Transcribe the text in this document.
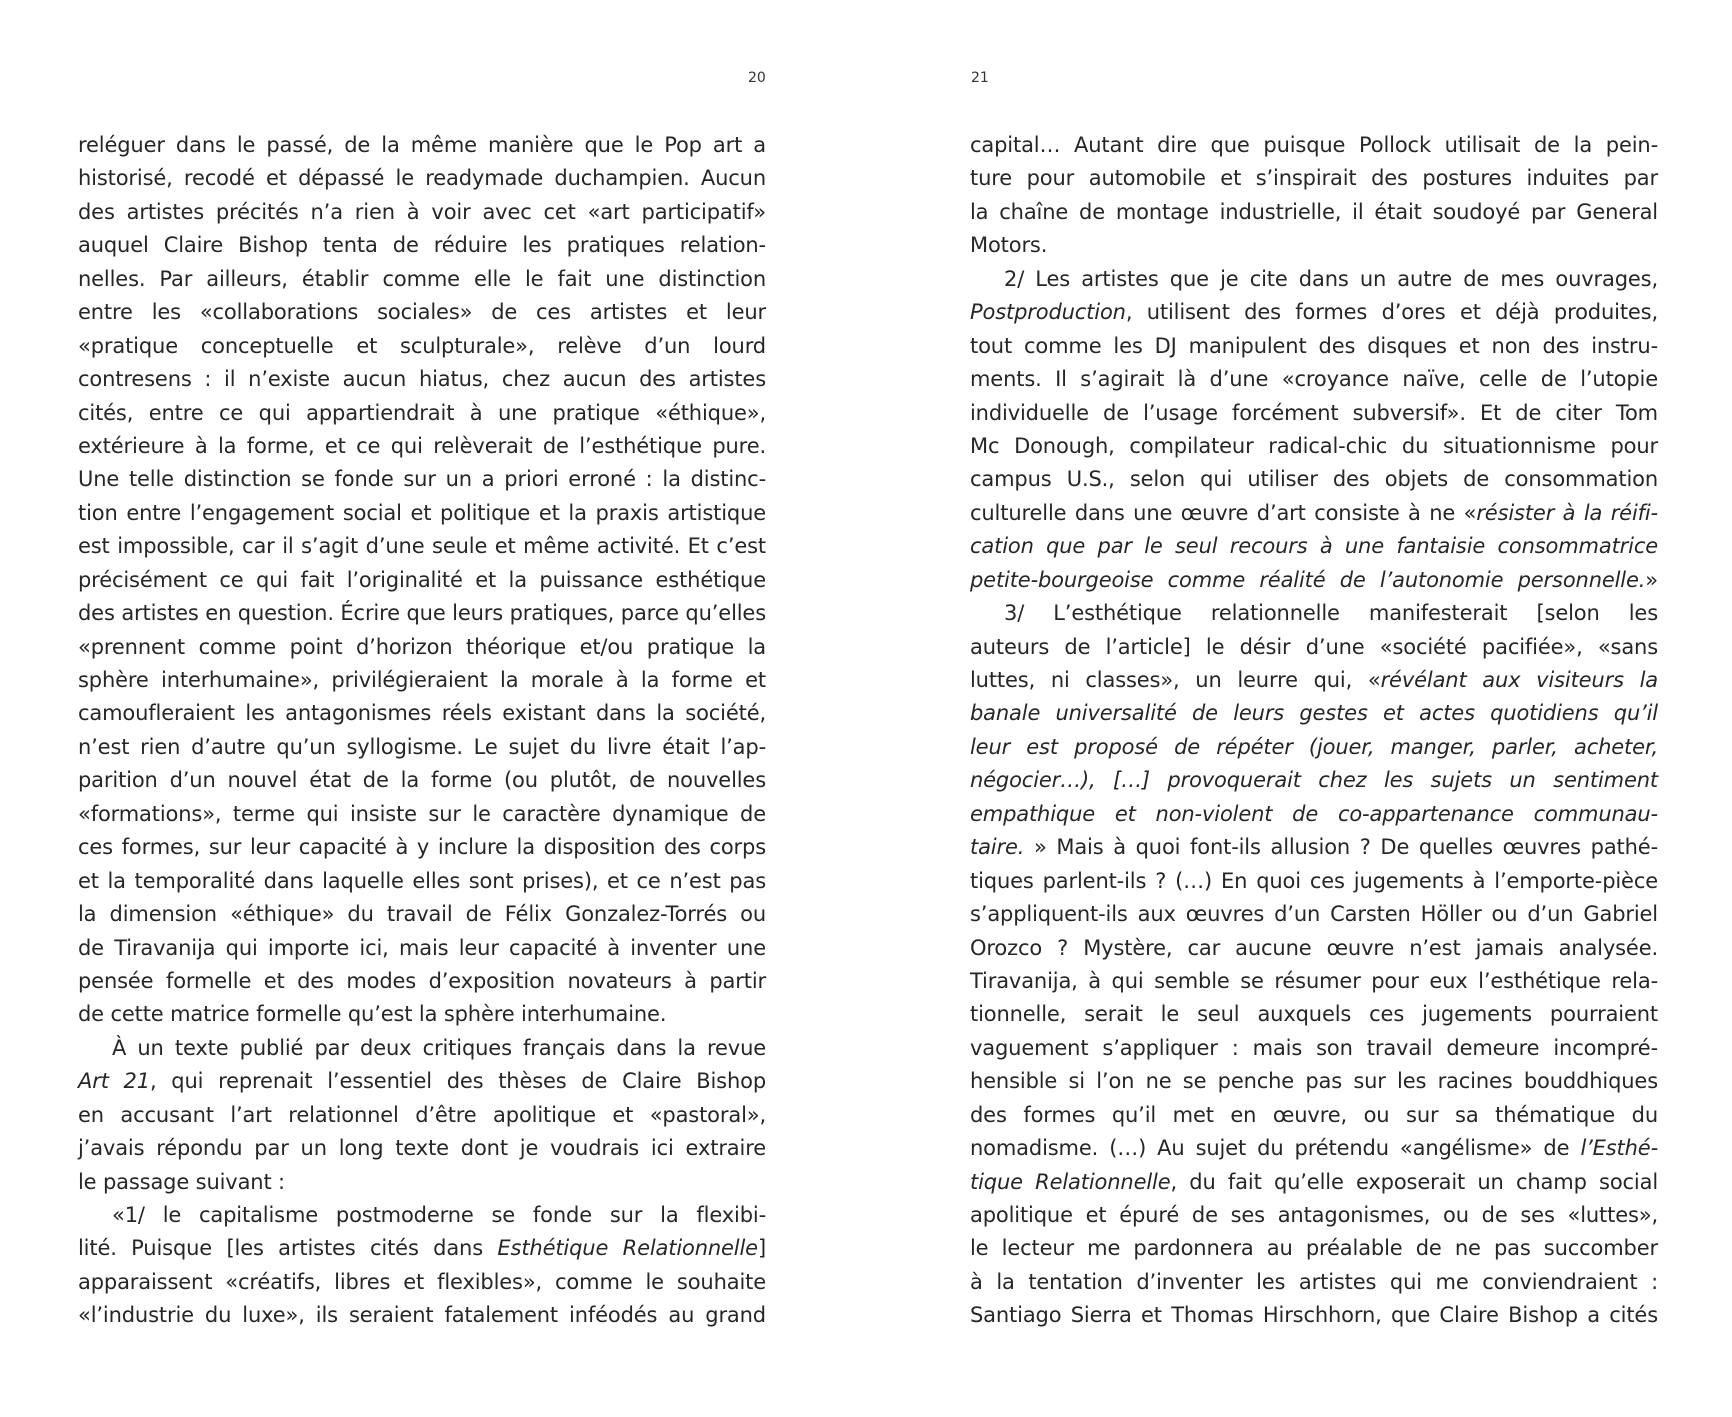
20
reléguer dans le passé, de la même manière que le Pop art a
historisé, recodé et dépassé le readymade duchampien. Aucun
des artistes précités n’a rien à voir avec cet «art participatif»
auquel Claire Bishop tenta de réduire les pratiques relation-
nelles. Par ailleurs, établir comme elle le fait une distinction
entre les «collaborations sociales» de ces artistes et leur
«pratique conceptuelle et sculpturale», relève d’un lourd
contresens : il n’existe aucun hiatus, chez aucun des artistes
cités, entre ce qui appartiendrait à une pratique «éthique»,
extérieure à la forme, et ce qui relèverait de l’esthétique pure.
Une telle distinction se fonde sur un a priori erroné : la distinc-
tion entre l’engagement social et politique et la praxis artistique
est impossible, car il s’agit d’une seule et même activité. Et c’est
précisément ce qui fait l’originalité et la puissance esthétique
des artistes en question. Écrire que leurs pratiques, parce qu’elles
«prennent comme point d’horizon théorique et/ou pratique la
sphère interhumaine», privilégieraient la morale à la forme et
camoufleraient les antagonismes réels existant dans la société,
n’est rien d’autre qu’un syllogisme. Le sujet du livre était l’ap-
parition d’un nouvel état de la forme (ou plutôt, de nouvelles
«formations», terme qui insiste sur le caractère dynamique de
ces formes, sur leur capacité à y inclure la disposition des corps
et la temporalité dans laquelle elles sont prises), et ce n’est pas
la dimension «éthique» du travail de Félix Gonzalez-Torrés ou
de Tiravanija qui importe ici, mais leur capacité à inventer une
pensée formelle et des modes d’exposition novateurs à partir
de cette matrice formelle qu’est la sphère interhumaine.
À un texte publié par deux critiques français dans la revue
Art 21, qui reprenait l’essentiel des thèses de Claire Bishop
en accusant l’art relationnel d’être apolitique et «pastoral»,
j’avais répondu par un long texte dont je voudrais ici extraire
le passage suivant :
«1/ le capitalisme postmoderne se fonde sur la flexibi-
lité. Puisque [les artistes cités dans Esthétique Relationnelle]
apparaissent «créatifs, libres et flexibles», comme le souhaite
«l’industrie du luxe», ils seraient fatalement inféodés au grand
21
capital… Autant dire que puisque Pollock utilisait de la pein-
ture pour automobile et s’inspirait des postures induites par
la chaîne de montage industrielle, il était soudoyé par General
Motors.
2/ Les artistes que je cite dans un autre de mes ouvrages,
Postproduction, utilisent des formes d’ores et déjà produites,
tout comme les DJ manipulent des disques et non des instru-
ments. Il s’agirait là d’une «croyance naïve, celle de l’utopie
individuelle de l’usage forcément subversif». Et de citer Tom
Mc Donough, compilateur radical-chic du situationnisme pour
campus U.S., selon qui utiliser des objets de consommation
culturelle dans une œuvre d’art consiste à ne «résister à la réifi-
cation que par le seul recours à une fantaisie consommatrice
petite-bourgeoise comme réalité de l’autonomie personnelle.»
3/ L’esthétique relationnelle manifesterait [selon les
auteurs de l’article] le désir d’une «société pacifiée», «sans
luttes, ni classes», un leurre qui, «révélant aux visiteurs la
banale universalité de leurs gestes et actes quotidiens qu’il
leur est proposé de répéter (jouer, manger, parler, acheter,
négocier…), […] provoquerait chez les sujets un sentiment
empathique et non-violent de co-appartenance communau-
taire. » Mais à quoi font-ils allusion ? De quelles œuvres pathé-
tiques parlent-ils ? (…) En quoi ces jugements à l’emporte-pièce
s’appliquent-ils aux œuvres d’un Carsten Höller ou d’un Gabriel
Orozco ? Mystère, car aucune œuvre n’est jamais analysée.
Tiravanija, à qui semble se résumer pour eux l’esthétique rela-
tionnelle, serait le seul auxquels ces jugements pourraient
vaguement s’appliquer : mais son travail demeure incompré-
hensible si l’on ne se penche pas sur les racines bouddhiques
des formes qu’il met en œuvre, ou sur sa thématique du
nomadisme. (…) Au sujet du prétendu «angélisme» de l’Esthé-
tique Relationnelle, du fait qu’elle exposerait un champ social
apolitique et épuré de ses antagonismes, ou de ses «luttes»,
le lecteur me pardonnera au préalable de ne pas succomber
à la tentation d’inventer les artistes qui me conviendraient :
Santiago Sierra et Thomas Hirschhorn, que Claire Bishop a cités
